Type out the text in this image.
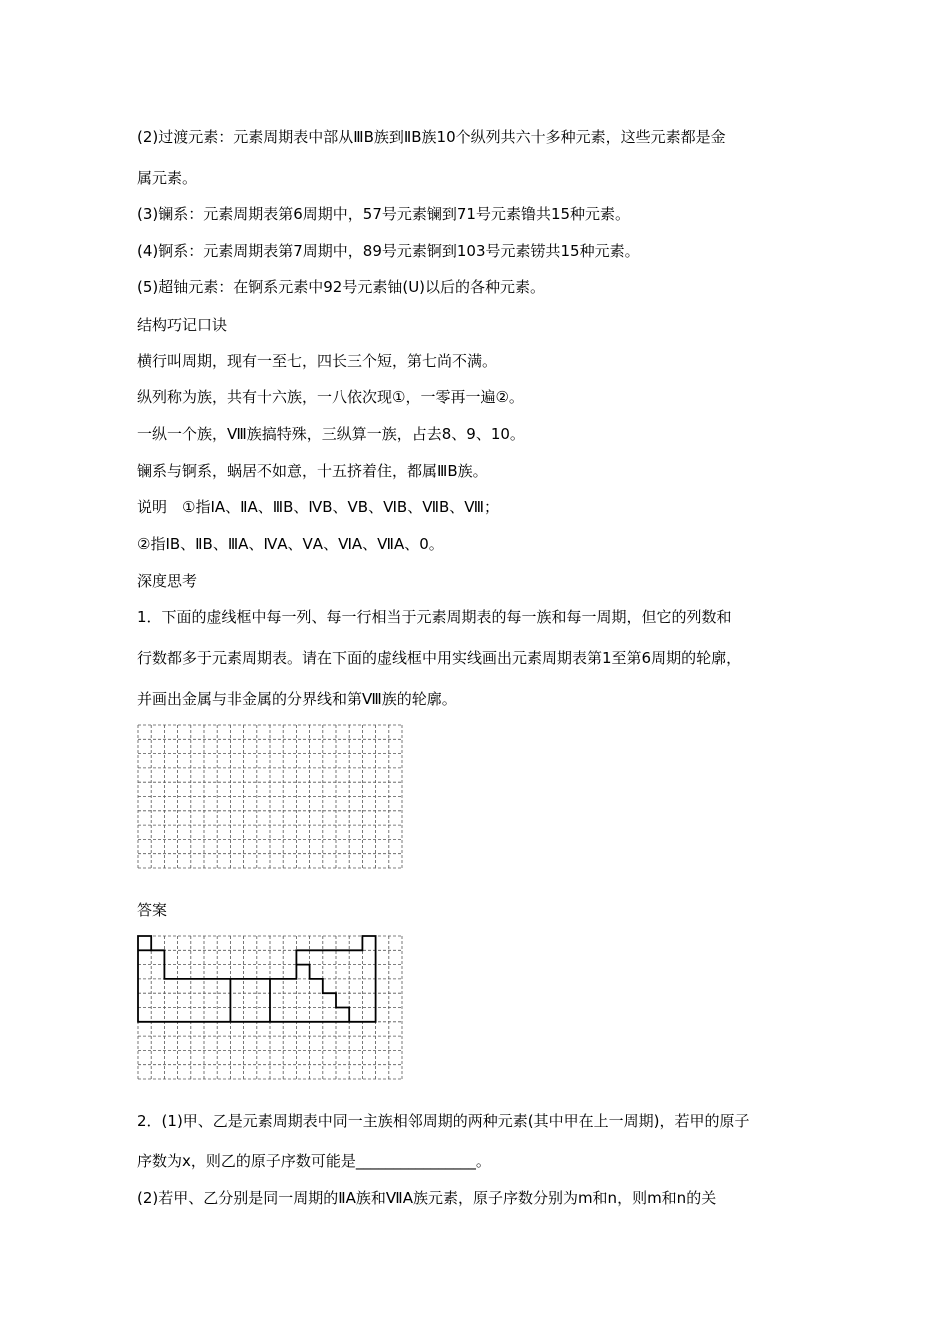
(2)过渡元素：元素周期表中部从ⅢB族到ⅡB族10个纵列共六十多种元素，这些元素都是金
属元素。
(3)镧系：元素周期表第6周期中，57号元素镧到71号元素镥共15种元素。
(4)锕系：元素周期表第7周期中，89号元素锕到103号元素铹共15种元素。
(5)超铀元素：在锕系元素中92号元素铀(U)以后的各种元素。
结构巧记口诀
横行叫周期，现有一至七，四长三个短，第七尚不满。
纵列称为族，共有十六族，一八依次现①，一零再一遍②。
一纵一个族，Ⅷ族搞特殊，三纵算一族，占去8、9、10。
镧系与锕系，蜗居不如意，十五挤着住，都属ⅢB族。
说明　①指ⅠA、ⅡA、ⅢB、ⅣB、ⅤB、ⅥB、ⅦB、Ⅷ；
②指ⅠB、ⅡB、ⅢA、ⅣA、ⅤA、ⅥA、ⅦA、0。
深度思考
1．下面的虚线框中每一列、每一行相当于元素周期表的每一族和每一周期，但它的列数和
行数都多于元素周期表。请在下面的虚线框中用实线画出元素周期表第1至第6周期的轮廓，
并画出金属与非金属的分界线和第Ⅷ族的轮廓。
答案
2．(1)甲、乙是元素周期表中同一主族相邻周期的两种元素(其中甲在上一周期)，若甲的原子
序数为x，则乙的原子序数可能是________________。
(2)若甲、乙分别是同一周期的ⅡA族和ⅦA族元素，原子序数分别为m和n，则m和n的关
